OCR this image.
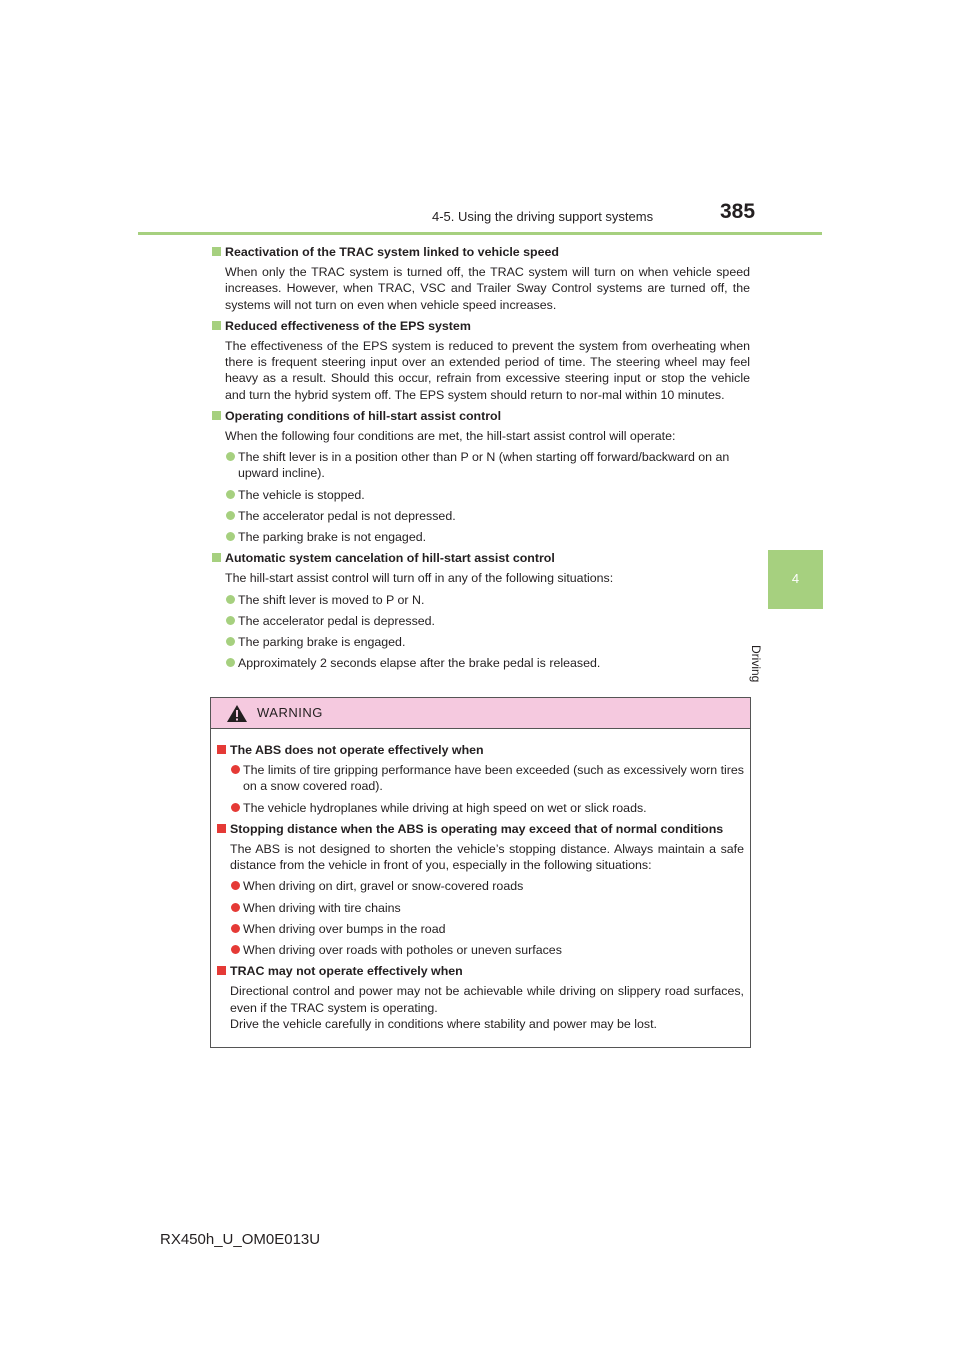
4-5. Using the driving support systems	385
4
Driving
Reactivation of the TRAC system linked to vehicle speed
When only the TRAC system is turned off, the TRAC system will turn on when vehicle speed increases. However, when TRAC, VSC and Trailer Sway Control systems are turned off, the systems will not turn on even when vehicle speed increases.
Reduced effectiveness of the EPS system
The effectiveness of the EPS system is reduced to prevent the system from overheating when there is frequent steering input over an extended period of time. The steering wheel may feel heavy as a result. Should this occur, refrain from excessive steering input or stop the vehicle and turn the hybrid system off. The EPS system should return to nor-mal within 10 minutes.
Operating conditions of hill-start assist control
When the following four conditions are met, the hill-start assist control will operate:
The shift lever is in a position other than P or N (when starting off forward/backward on an upward incline).
The vehicle is stopped.
The accelerator pedal is not depressed.
The parking brake is not engaged.
Automatic system cancelation of hill-start assist control
The hill-start assist control will turn off in any of the following situations:
The shift lever is moved to P or N.
The accelerator pedal is depressed.
The parking brake is engaged.
Approximately 2 seconds elapse after the brake pedal is released.
WARNING
The ABS does not operate effectively when
The limits of tire gripping performance have been exceeded (such as excessively worn tires on a snow covered road).
The vehicle hydroplanes while driving at high speed on wet or slick roads.
Stopping distance when the ABS is operating may exceed that of normal conditions
The ABS is not designed to shorten the vehicle’s stopping distance. Always maintain a safe distance from the vehicle in front of you, especially in the following situations:
When driving on dirt, gravel or snow-covered roads
When driving with tire chains
When driving over bumps in the road
When driving over roads with potholes or uneven surfaces
TRAC may not operate effectively when
Directional control and power may not be achievable while driving on slippery road surfaces, even if the TRAC system is operating.
Drive the vehicle carefully in conditions where stability and power may be lost.
RX450h_U_OM0E013U
